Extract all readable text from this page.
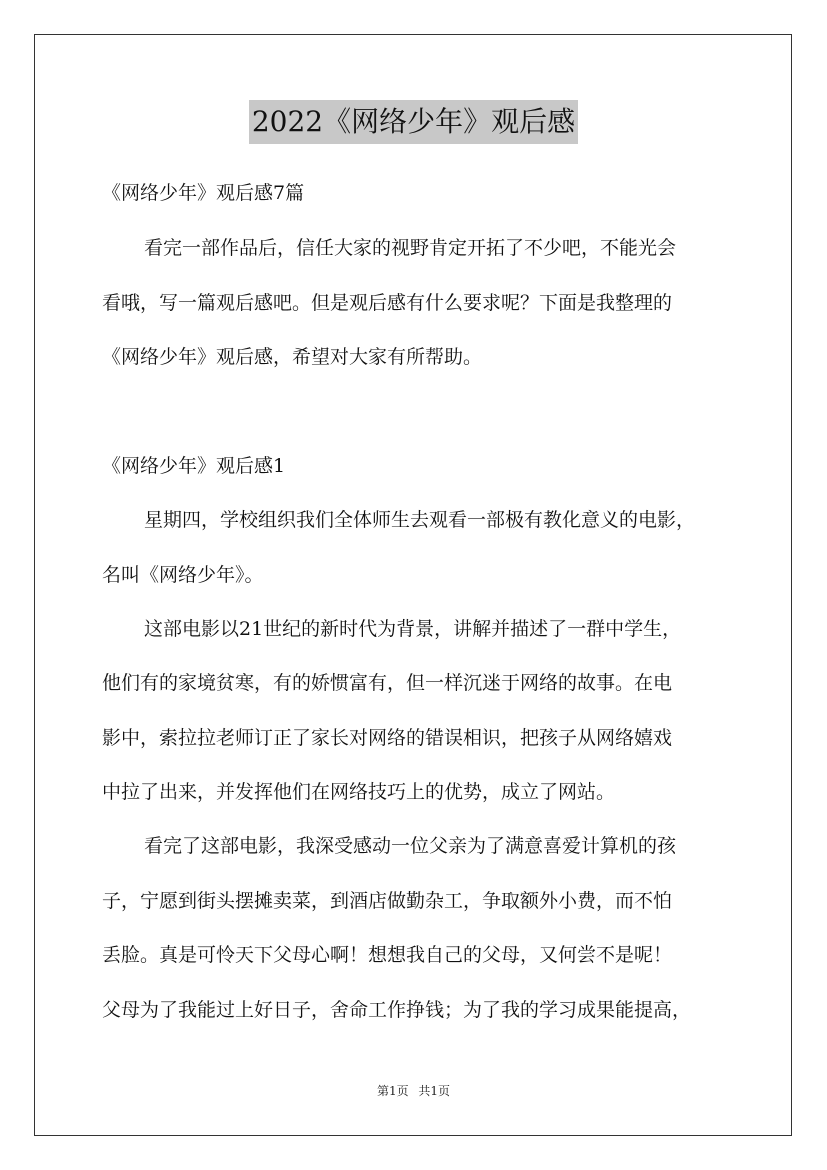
2022《网络少年》观后感
《网络少年》观后感7篇
看完一部作品后，信任大家的视野肯定开拓了不少吧，不能光会
看哦，写一篇观后感吧。但是观后感有什么要求呢？下面是我整理的
《网络少年》观后感，希望对大家有所帮助。
《网络少年》观后感1
星期四，学校组织我们全体师生去观看一部极有教化意义的电影，
名叫《网络少年》。
这部电影以21世纪的新时代为背景，讲解并描述了一群中学生，
他们有的家境贫寒，有的娇惯富有，但一样沉迷于网络的故事。在电
影中，索拉拉老师订正了家长对网络的错误相识，把孩子从网络嬉戏
中拉了出来，并发挥他们在网络技巧上的优势，成立了网站。
看完了这部电影，我深受感动一位父亲为了满意喜爱计算机的孩
子，宁愿到街头摆摊卖菜，到酒店做勤杂工，争取额外小费，而不怕
丢脸。真是可怜天下父母心啊！想想我自己的父母，又何尝不是呢！
父母为了我能过上好日子，舍命工作挣钱；为了我的学习成果能提高，
第1页 共1页
